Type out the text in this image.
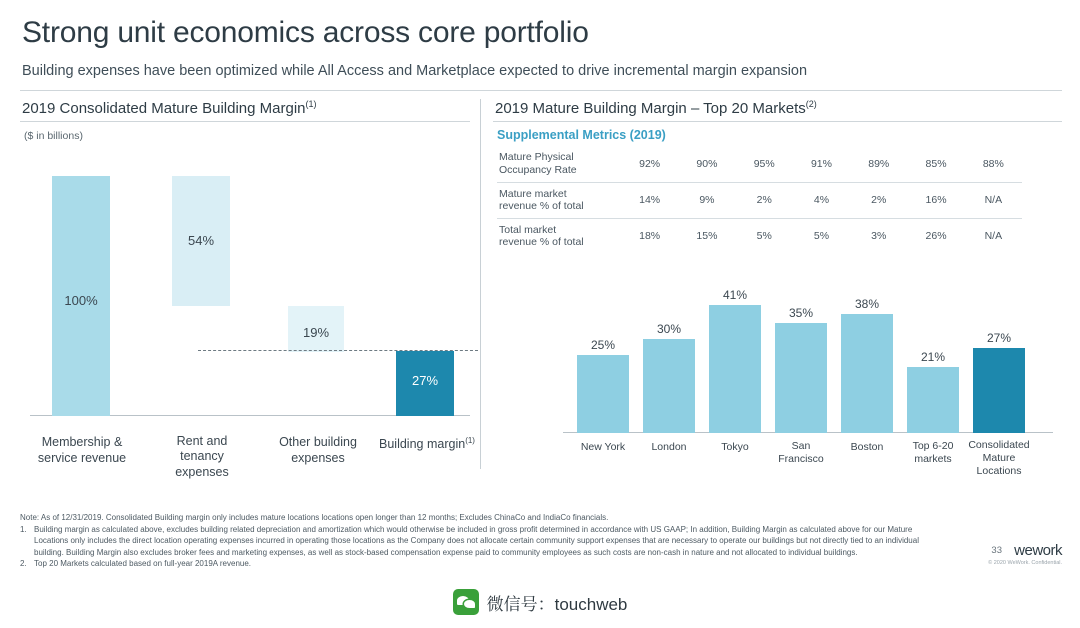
Strong unit economics across core portfolio
Building expenses have been optimized while All Access and Marketplace expected to drive incremental margin expansion
2019 Consolidated Mature Building Margin$^{(1)}$
($ in billions)
100%
54%
19%
27%
Membership &
service revenue
Rent and
tenancy
expenses
Other building
expenses
Building margin$^{(1)}$
2019 Mature Building Margin – Top 20 Markets$^{(2)}$
Supplemental Metrics (2019)
Mature Physical
Occupancy Rate	92%	90%	95%	91%	89%	85%	88%
Mature market
revenue % of total	14%	9%	2%	4%	2%	16%	N/A
Total market
revenue % of total	18%	15%	5%	5%	3%	26%	N/A
25%
New York
30%
London
41%
Tokyo
35%
San
Francisco
38%
Boston
21%
Top 6-20
markets
27%
Consolidated
Mature
Locations
Note: As of 12/31/2019. Consolidated Building margin only includes mature locations locations open longer than 12 months; Excludes ChinaCo and IndiaCo financials.
1. Building margin as calculated above, excludes building related depreciation and amortization which would otherwise be included in gross profit determined in accordance with US GAAP; In addition, Building Margin as calculated above for our Mature Locations only includes the direct location operating expenses incurred in operating those locations as the Company does not allocate certain community support expenses that are necessary to operate our buildings but not directly tied to an individual building. Building Margin also excludes broker fees and marketing expenses, as well as stock-based compensation expense paid to community employees as such costs are non-cash in nature and not allocated to individual buildings.
2. Top 20 Markets calculated based on full-year 2019A revenue.
33 wework
© 2020 WeWork. Confidential.
微信号：touchweb
